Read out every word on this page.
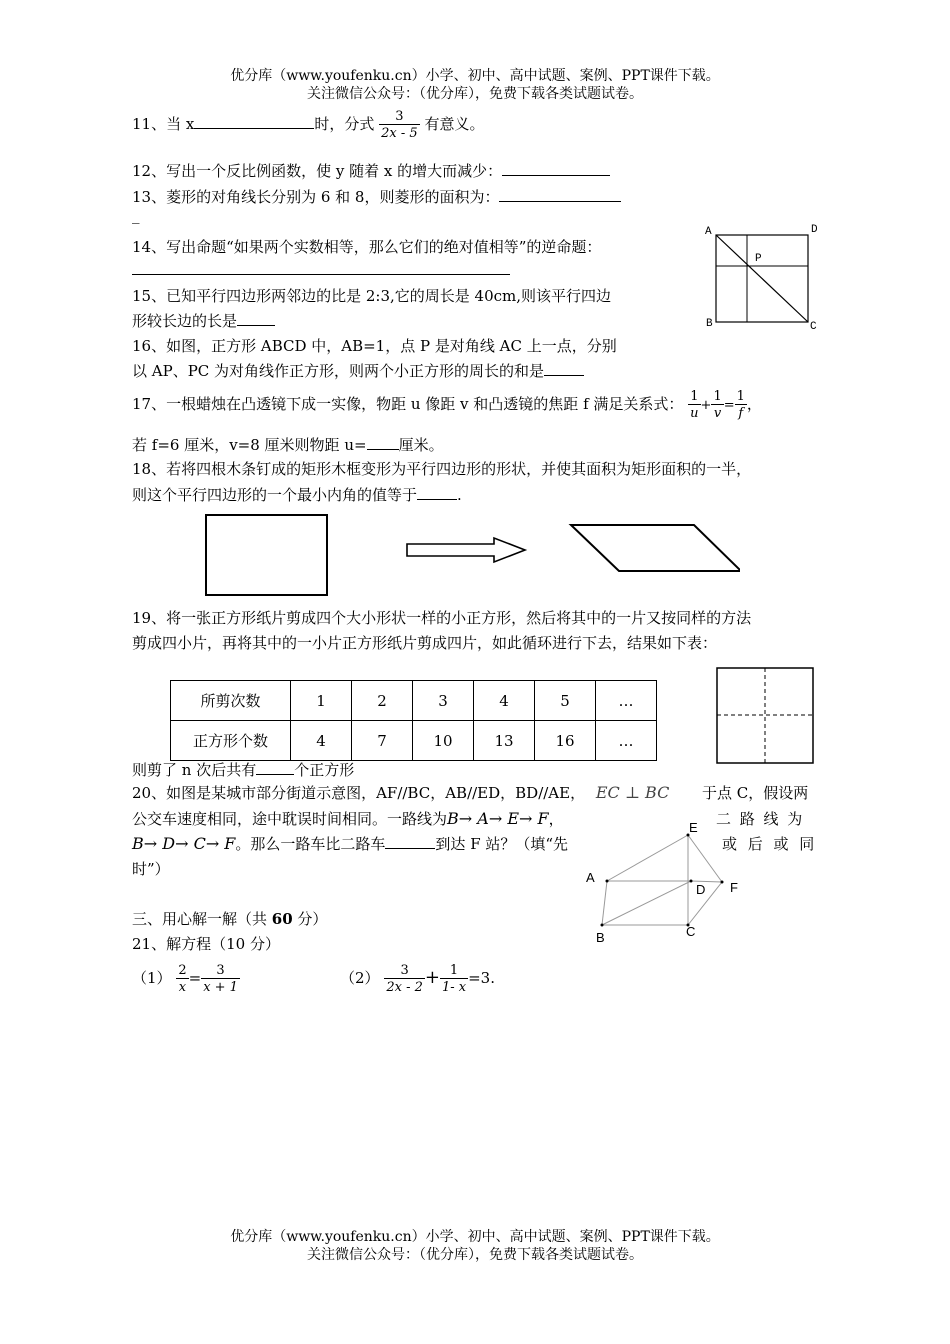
优分库（www.youfenku.cn）小学、初中、高中试题、案例、PPT课件下载。
关注微信公众号：（优分库），免费下载各类试题试卷。
11、当 x	时，分式 $\frac{3}{2x - 5}$ 有意义。
12、写出一个反比例函数，使 y 随着 x 的增大而减少：
13、菱形的对角线长分别为 6 和 8，则菱形的面积为：
_
14、写出命题“如果两个实数相等，那么它们的绝对值相等”的逆命题：
A	D
B	C
P
15、已知平行四边形两邻边的比是 2:3,它的周长是 40cm,则该平行四边
形较长边的长是
16、如图，正方形 ABCD 中，AB=1，点 P 是对角线 AC 上一点，分别
以 AP、PC 为对角线作正方形，则两个小正方形的周长的和是
17、一根蜡烛在凸透镜下成一实像，物距 u 像距 v 和凸透镜的焦距 f 满足关系式： $\frac{1}{u} + \frac{1}{v} = \frac{1}{f}$ ，
若 f=6 厘米，v=8 厘米则物距 u= 厘米。
18、若将四根木条钉成的矩形木框变形为平行四边形的形状，并使其面积为矩形面积的一半，
则这个平行四边形的一个最小内角的值等于	.
19、将一张正方形纸片剪成四个大小形状一样的小正方形，然后将其中的一片又按同样的方法
剪成四小片，再将其中的一小片正方形纸片剪成四片，如此循环进行下去，结果如下表：
所剪次数	1	2	3	4	5	…
正方形个数	4	7	10	13	16	…
则剪了 n 次后共有	个正方形
20、如图是某城市部分街道示意图，AF//BC，AB//ED，BD//AE， EC ⊥ BC 于点 C，假设两
公交车速度相同，途中耽误时间相同。一路线为B→ A→ E→ F，	二 路 线 为
B→ D→ C→ F。那么一路车比二路车	到达 F 站？（填“先	或 后 或 同
时”）
E
A
D F
B	C
三、用心解一解（共 60 分）
21、解方程（10 分）
$(1) \frac{2}{x} = \frac{3}{x + 1}$	$(2) \frac{3}{2x - 2} + \frac{1}{1- x} =3$.
优分库（www.youfenku.cn）小学、初中、高中试题、案例、PPT课件下载。
关注微信公众号：（优分库），免费下载各类试题试卷。
